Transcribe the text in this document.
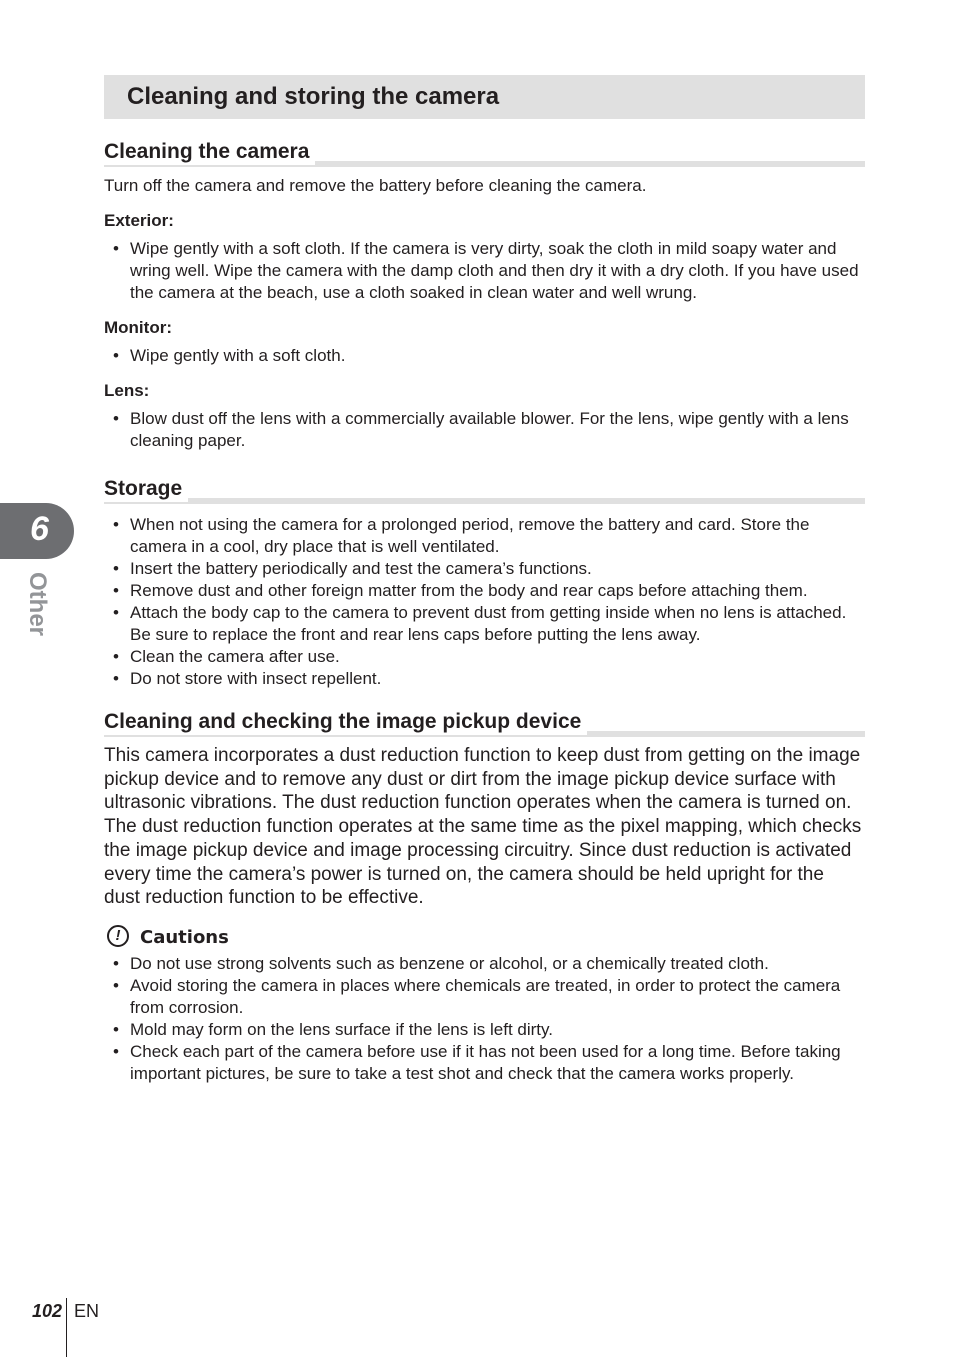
Cleaning and storing the camera
6
Other
Cleaning the camera

Turn off the camera and remove the battery before cleaning the camera.

Exterior:

• Wipe gently with a soft cloth. If the camera is very dirty, soak the cloth in mild soapy water and wring well. Wipe the camera with the damp cloth and then dry it with a dry cloth. If you have used the camera at the beach, use a cloth soaked in clean water and well wrung.

Monitor:

• Wipe gently with a soft cloth.

Lens:

• Blow dust off the lens with a commercially available blower. For the lens, wipe gently with a lens cleaning paper.
Storage
• When not using the camera for a prolonged period, remove the battery and card. Store the camera in a cool, dry place that is well ventilated.
• Insert the battery periodically and test the camera’s functions.
• Remove dust and other foreign matter from the body and rear caps before attaching them.
• Attach the body cap to the camera to prevent dust from getting inside when no lens is attached. Be sure to replace the front and rear lens caps before putting the lens away.
• Clean the camera after use.
• Do not store with insect repellent.
Cleaning and checking the image pickup device

This camera incorporates a dust reduction function to keep dust from getting on the image pickup device and to remove any dust or dirt from the image pickup device surface with ultrasonic vibrations. The dust reduction function operates when the camera is turned on.

The dust reduction function operates at the same time as the pixel mapping, which checks the image pickup device and image processing circuitry. Since dust reduction is activated every time the camera’s power is turned on, the camera should be held upright for the dust reduction function to be effective.

!	Cautions
• Do not use strong solvents such as benzene or alcohol, or a chemically treated cloth.
• Avoid storing the camera in places where chemicals are treated, in order to protect the camera from corrosion.
• Mold may form on the lens surface if the lens is left dirty.
• Check each part of the camera before use if it has not been used for a long time. Before taking important pictures, be sure to take a test shot and check that the camera works properly.
102 EN
